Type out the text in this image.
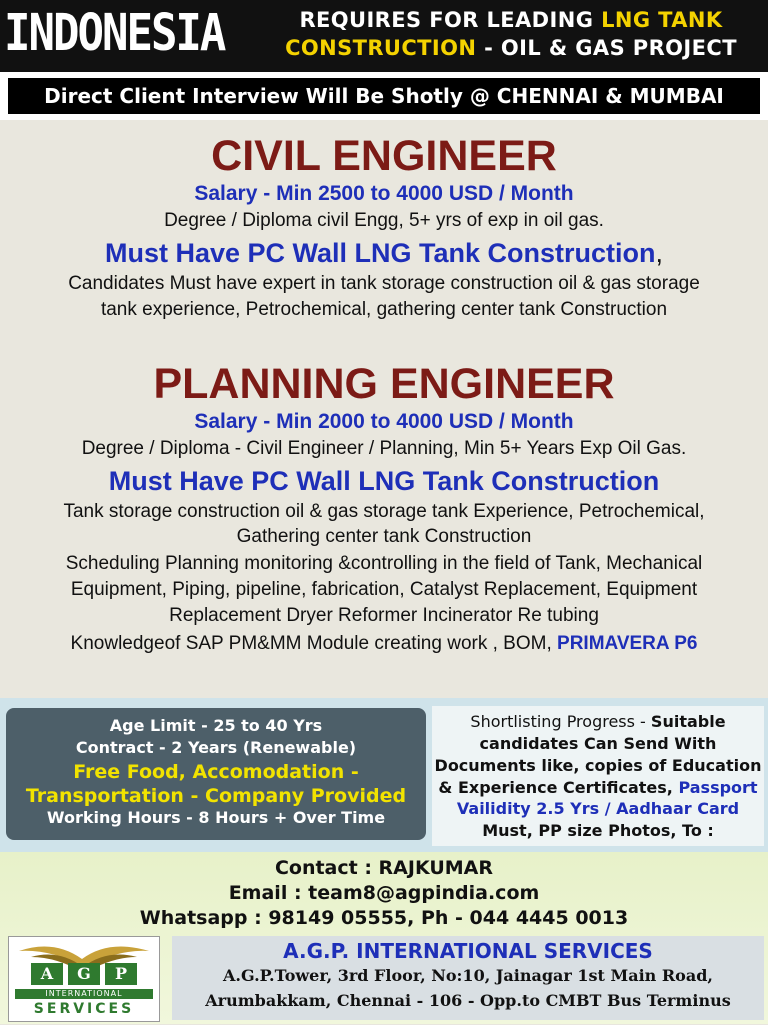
INDONESIA	REQUIRES FOR LEADING LNG TANK
CONSTRUCTION - OIL & GAS PROJECT
Direct Client Interview Will Be Shotly @ CHENNAI & MUMBAI
CIVIL ENGINEER
Salary - Min 2500 to 4000 USD / Month
Degree / Diploma civil Engg, 5+ yrs of exp in oil gas.
Must Have PC Wall LNG Tank Construction,
Candidates Must have expert in tank storage construction oil & gas storage
tank experience, Petrochemical, gathering center tank Construction
PLANNING ENGINEER
Salary - Min 2000 to 4000 USD / Month
Degree / Diploma - Civil Engineer / Planning, Min 5+ Years Exp Oil Gas.
Must Have PC Wall LNG Tank Construction
Tank storage construction oil & gas storage tank Experience, Petrochemical,
Gathering center tank Construction
Scheduling Planning monitoring &controlling in the field of Tank, Mechanical
Equipment, Piping, pipeline, fabrication, Catalyst Replacement, Equipment
Replacement Dryer Reformer Incinerator Re tubing
Knowledgeof SAP PM&MM Module creating work , BOM, PRIMAVERA P6
Age Limit - 25 to 40 Yrs
Contract - 2 Years (Renewable)
Free Food, Accomodation -
Transportation - Company Provided
Working Hours - 8 Hours + Over Time
Shortlisting Progress - Suitable
candidates Can Send With
Documents like, copies of Education
& Experience Certificates, Passport
Vailidity 2.5 Yrs / Aadhaar Card
Must, PP size Photos, To :
Contact : RAJKUMAR
Email : team8@agpindia.com
Whatsapp : 98149 05555, Ph - 044 4445 0013
A	G	P
INTERNATIONAL
SERVICES
A.G.P. INTERNATIONAL SERVICES
A.G.P.Tower, 3rd Floor, No:10, Jainagar 1st Main Road,
Arumbakkam, Chennai - 106 - Opp.to CMBT Bus Terminus
